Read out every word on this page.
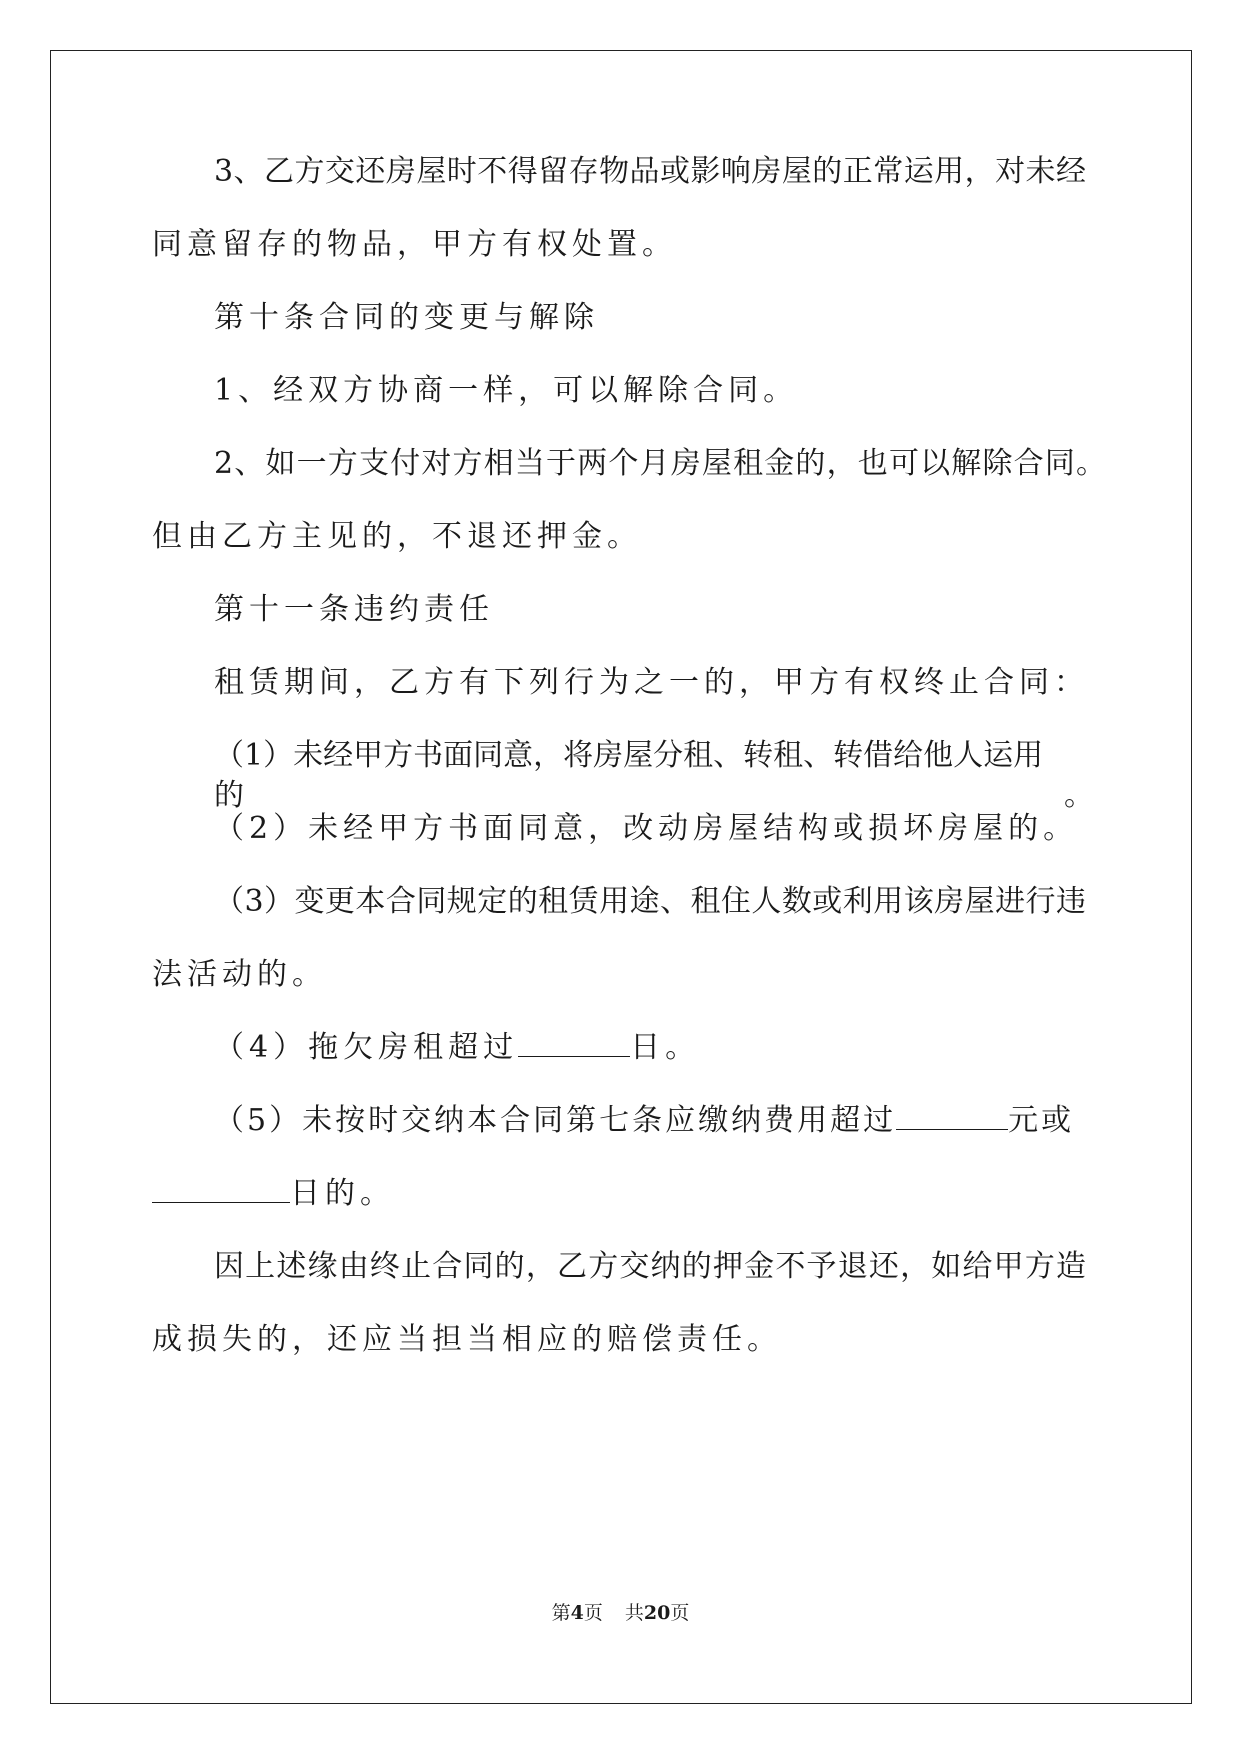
3、乙方交还房屋时不得留存物品或影响房屋的正常运用，对未经
同意留存的物品，甲方有权处置。
第十条合同的变更与解除
1、经双方协商一样，可以解除合同。
2、如一方支付对方相当于两个月房屋租金的，也可以解除合同。
但由乙方主见的，不退还押金。
第十一条违约责任
租赁期间，乙方有下列行为之一的，甲方有权终止合同：
（1）未经甲方书面同意，将房屋分租、转租、转借给他人运用的。
（2）未经甲方书面同意，改动房屋结构或损坏房屋的。
（3）变更本合同规定的租赁用途、租住人数或利用该房屋进行违
法活动的。
（4）拖欠房租超过	日。
（5）未按时交纳本合同第七条应缴纳费用超过	元或
日的。
因上述缘由终止合同的，乙方交纳的押金不予退还，如给甲方造
成损失的，还应当担当相应的赔偿责任。
第4页 共20页
